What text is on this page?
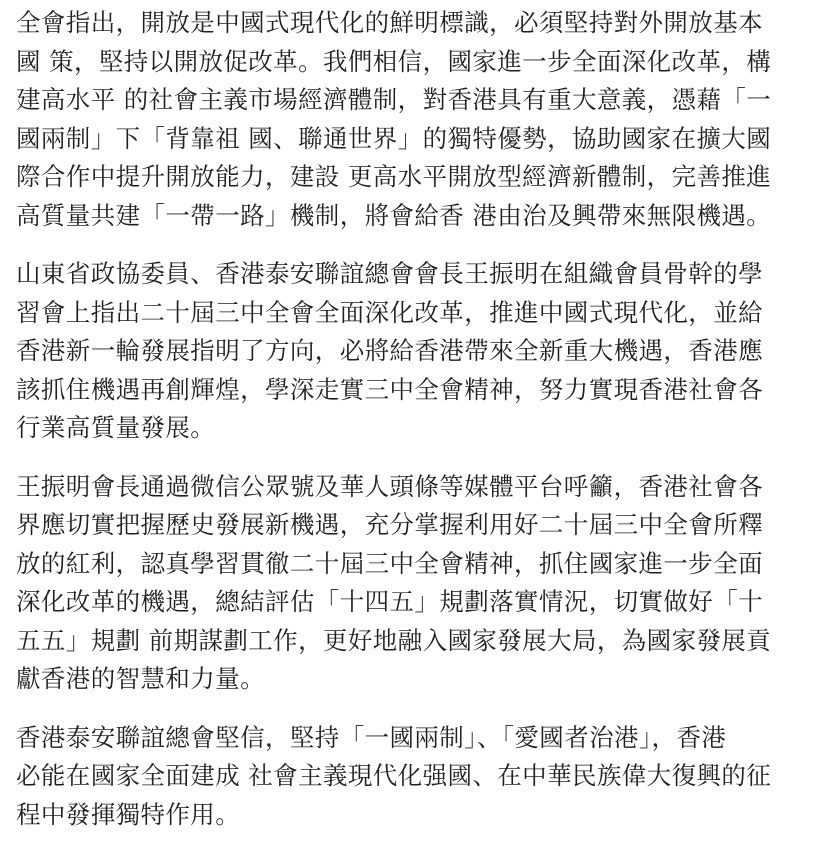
全會指出，開放是中國式現代化的鮮明標識，必須堅持對外開放基本
國 策，堅持以開放促改革。我們相信，國家進一步全面深化改革，構
建高水平 的社會主義市場經濟體制，對香港具有重大意義，憑藉「一
國兩制」下「背靠祖 國、聯通世界」的獨特優勢，協助國家在擴大國
際合作中提升開放能力，建設 更高水平開放型經濟新體制，完善推進
高質量共建「一帶一路」機制，將會給香 港由治及興帶來無限機遇。

山東省政協委員、香港泰安聯誼總會會長王振明在組織會員骨幹的學
習會上指出二十屆三中全會全面深化改革，推進中國式現代化，並給
香港新一輪發展指明了方向，必將給香港帶來全新重大機遇，香港應
該抓住機遇再創輝煌，學深走實三中全會精神，努力實現香港社會各
行業高質量發展。

王振明會長通過微信公眾號及華人頭條等媒體平台呼籲，香港社會各
界應切實把握歷史發展新機遇，充分掌握利用好二十屆三中全會所釋
放的紅利，認真學習貫徹二十屆三中全會精神，抓住國家進一步全面
深化改革的機遇，總結評估「十四五」規劃落實情況，切實做好「十
五五」規劃 前期謀劃工作，更好地融入國家發展大局，為國家發展貢
獻香港的智慧和力量。

香港泰安聯誼總會堅信，堅持「一國兩制」、「愛國者治港」，香港
必能在國家全面建成 社會主義現代化强國、在中華民族偉大復興的征
程中發揮獨特作用。
